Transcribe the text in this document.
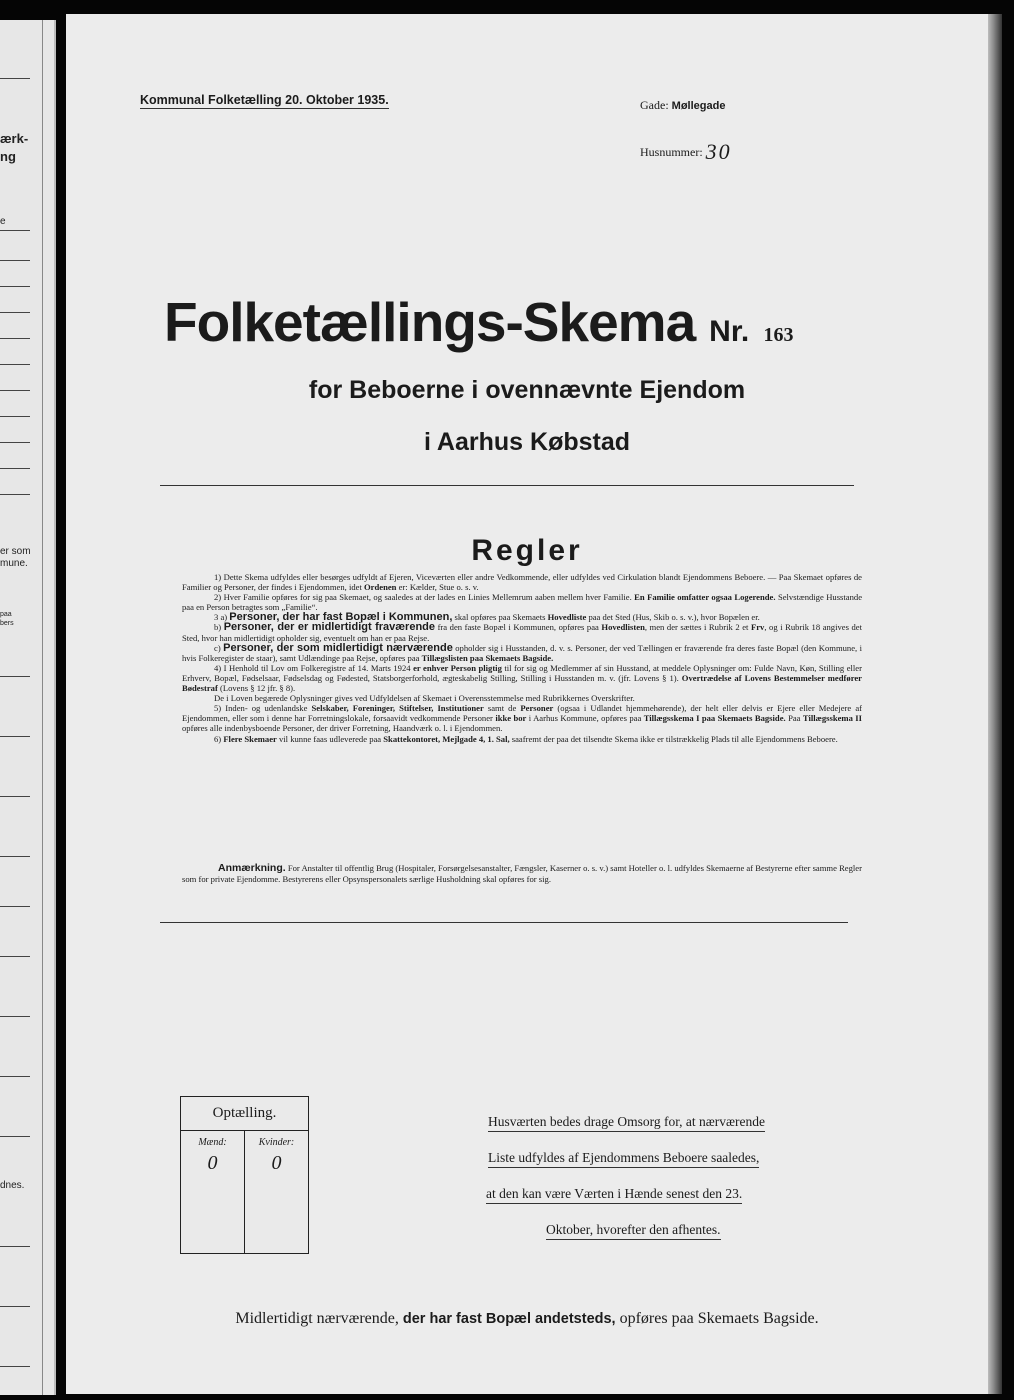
ærk-
ng
e
er som
mune.
paa
bers
dnes.
Kommunal Folketælling 20. Oktober 1935.	Gade: Møllegade
Husnummer: 30
Folketællings-Skema Nr. 163
for Beboerne i ovennævnte Ejendom
i Aarhus Købstad
Regler

1) Dette Skema udfyldes eller besørges udfyldt af Ejeren, Viceværten eller andre Vedkommende, eller udfyldes ved Cirkulation blandt Ejendommens Beboere. — Paa Skemaet opføres de Familier og Personer, der findes i Ejendommen, idet Ordenen er: Kælder, Stue o. s. v.

2) Hver Familie opføres for sig paa Skemaet, og saaledes at der lades en Linies Mellemrum aaben mellem hver Familie. En Familie omfatter ogsaa Logerende. Selvstændige Husstande paa en Person betragtes som „Familie“.

3 a) Personer, der har fast Bopæl i Kommunen, skal opføres paa Skemaets Hovedliste paa det Sted (Hus, Skib o. s. v.), hvor Bopælen er.

b) Personer, der er midlertidigt fraværende fra den faste Bopæl i Kommunen, opføres paa Hovedlisten, men der sættes i Rubrik 2 et Frv, og i Rubrik 18 angives det Sted, hvor han midlertidigt opholder sig, eventuelt om han er paa Rejse.

c) Personer, der som midlertidigt nærværende opholder sig i Husstanden, d. v. s. Personer, der ved Tællingen er fraværende fra deres faste Bopæl (den Kommune, i hvis Folkeregister de staar), samt Udlændinge paa Rejse, opføres paa Tillægslisten paa Skemaets Bagside.

4) I Henhold til Lov om Folkeregistre af 14. Marts 1924 er enhver Person pligtig til for sig og Medlemmer af sin Husstand, at meddele Oplysninger om: Fulde Navn, Køn, Stilling eller Erhverv, Bopæl, Fødselsaar, Fødselsdag og Fødested, Statsborgerforhold, ægteskabelig Stilling, Stilling i Husstanden m. v. (jfr. Lovens § 1). Overtrædelse af Lovens Bestemmelser medfører Bødestraf (Lovens § 12 jfr. § 8).

De i Loven begærede Oplysninger gives ved Udfyldelsen af Skemaet i Overensstemmelse med Rubrikkernes Overskrifter.

5) Inden- og udenlandske Selskaber, Foreninger, Stiftelser, Institutioner samt de Personer (ogsaa i Udlandet hjemmehørende), der helt eller delvis er Ejere eller Medejere af Ejendommen, eller som i denne har Forretningslokale, forsaavidt vedkommende Personer ikke bor i Aarhus Kommune, opføres paa Tillægsskema I paa Skemaets Bagside. Paa Tillægsskema II opføres alle indenbysboende Personer, der driver Forretning, Haandværk o. l. i Ejendommen.

6) Flere Skemaer vil kunne faas udleverede paa Skattekontoret, Mejlgade 4, 1. Sal, saafremt der paa det tilsendte Skema ikke er tilstrækkelig Plads til alle Ejendommens Beboere.

Anmærkning. For Anstalter til offentlig Brug (Hospitaler, Forsørgelsesanstalter, Fængsler, Kaserner o. s. v.) samt Hoteller o. l. udfyldes Skemaerne af Bestyrerne efter samme Regler som for private Ejendomme. Bestyrerens eller Opsynspersonalets særlige Husholdning skal opføres for sig.
Optælling.
Mænd:
0
Kvinder:
0
Husværten bedes drage Omsorg for, at nærværende
Liste udfyldes af Ejendommens Beboere saaledes,
at den kan være Værten i Hænde senest den 23.
Oktober, hvorefter den afhentes.
Midlertidigt nærværende, der har fast Bopæl andetsteds, opføres paa Skemaets Bagside.
